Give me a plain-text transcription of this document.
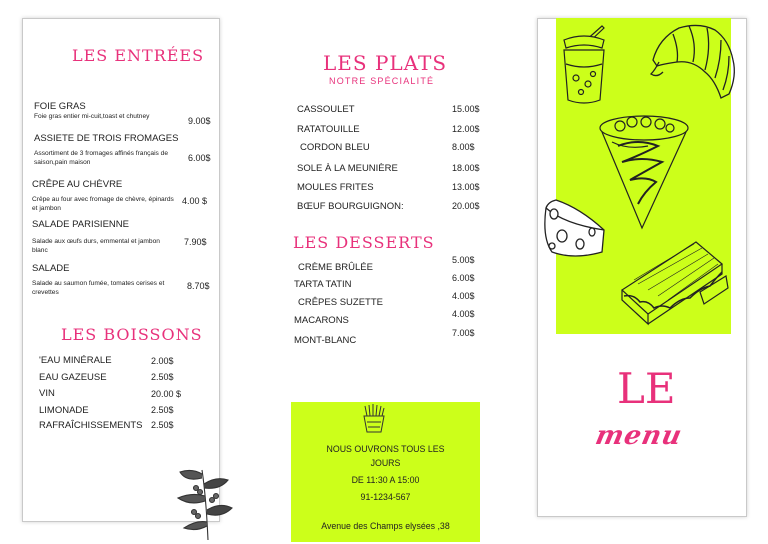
LES ENTRÉES
FOIE GRAS
Foie gras entier mi-cuit,toast et chutney	9.00$
ASSIETE DE TROIS FROMAGES
Assortiment de 3 fromages affinés français de saison,pain maison	6.00$
CRÊPE AU CHÈVRE
Crêpe au four avec fromage de chèvre, épinards et jambon
4.00 $
SALADE PARISIENNE
Salade aux œufs durs, emmental et jambon blanc
7.90$
SALADE
Salade au saumon fumée, tomates cerises et crevettes
8.70$
LES BOISSONS
'EAU MINÉRALE	2.00$
EAU GAZEUSE	2.50$
VIN	20.00 $
LIMONADE	2.50$
RAFRAÎCHISSEMENTS 2.50$
LES PLATS
NOTRE SPÉCIALITÉ
CASSOULET	15.00$
RATATOUILLE	12.00$
CORDON BLEU	8.00$
SOLE À LA MEUNIÈRE	18.00$
MOULES FRITES	13.00$
BŒUF BOURGUIGNON:	20.00$
LES DESSERTS
CRÈME BRÛLÉE
5.00$
TARTA TATIN
6.00$
CRÊPES SUZETTE
4.00$
MACARONS
4.00$
MONT-BLANC
7.00$
NOUS OUVRONS TOUS LES
JOURS
DE 11:30 A 15:00
91-1234-567
Avenue des Champs elysées ,38
LE
menu
